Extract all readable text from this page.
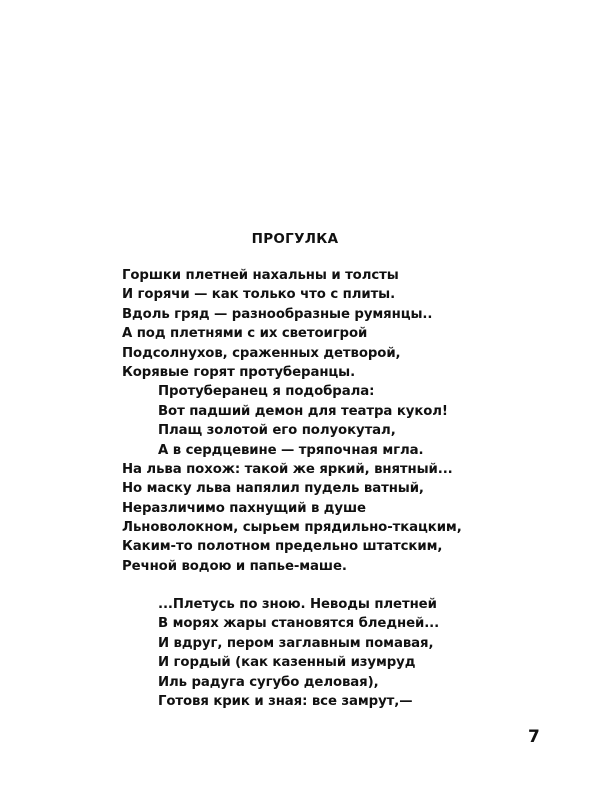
ПРОГУЛКА
Горшки плетней нахальны и толсты
И горячи — как только что с плиты.
Вдоль гряд — разнообразные румянцы..
А под плетнями с их светоигрой
Подсолнухов, сраженных детворой,
Корявые горят протуберанцы.
Протуберанец я подобрала:
Вот падший демон для театра кукол!
Плащ золотой его полуокутал,
А в сердцевине — тряпочная мгла.
На льва похож: такой же яркий, внятный...
Но маску льва напялил пудель ватный,
Неразличимо пахнущий в душе
Льноволокном, сырьем прядильно-ткацким,
Каким-то полотном предельно штатским,
Речной водою и папье-маше.
...Плетусь по зною. Неводы плетней
В морях жары становятся бледней...
И вдруг, пером заглавным помавая,
И гордый (как казенный изумруд
Иль радуга сугубо деловая),
Готовя крик и зная: все замрут,—
7
